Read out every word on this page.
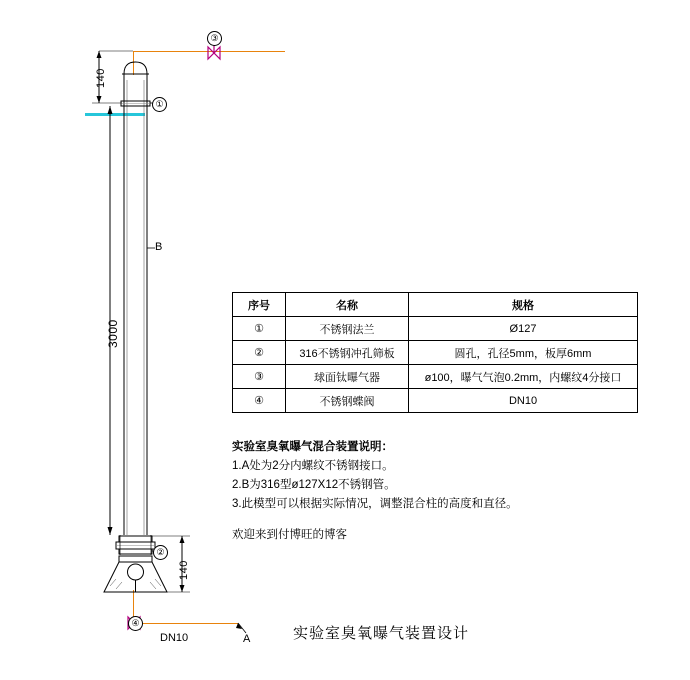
140
3000
140
①
②
③
④
B
A
DN10
序号	名称	规格
①	不锈钢法兰	Ø127
②	316不锈钢冲孔筛板	圆孔，孔径5mm，板厚6mm
③	球面钛曝气器	ø100，曝气气泡0.2mm，内螺纹4分接口
④	不锈钢蝶阀	DN10
实验室臭氧曝气混合装置说明：
1.A处为2分内螺纹不锈钢接口。
2.B为316型ø127X12不锈钢管。
3.此模型可以根据实际情况，调整混合柱的高度和直径。
欢迎来到付博旺的博客
实验室臭氧曝气装置设计
